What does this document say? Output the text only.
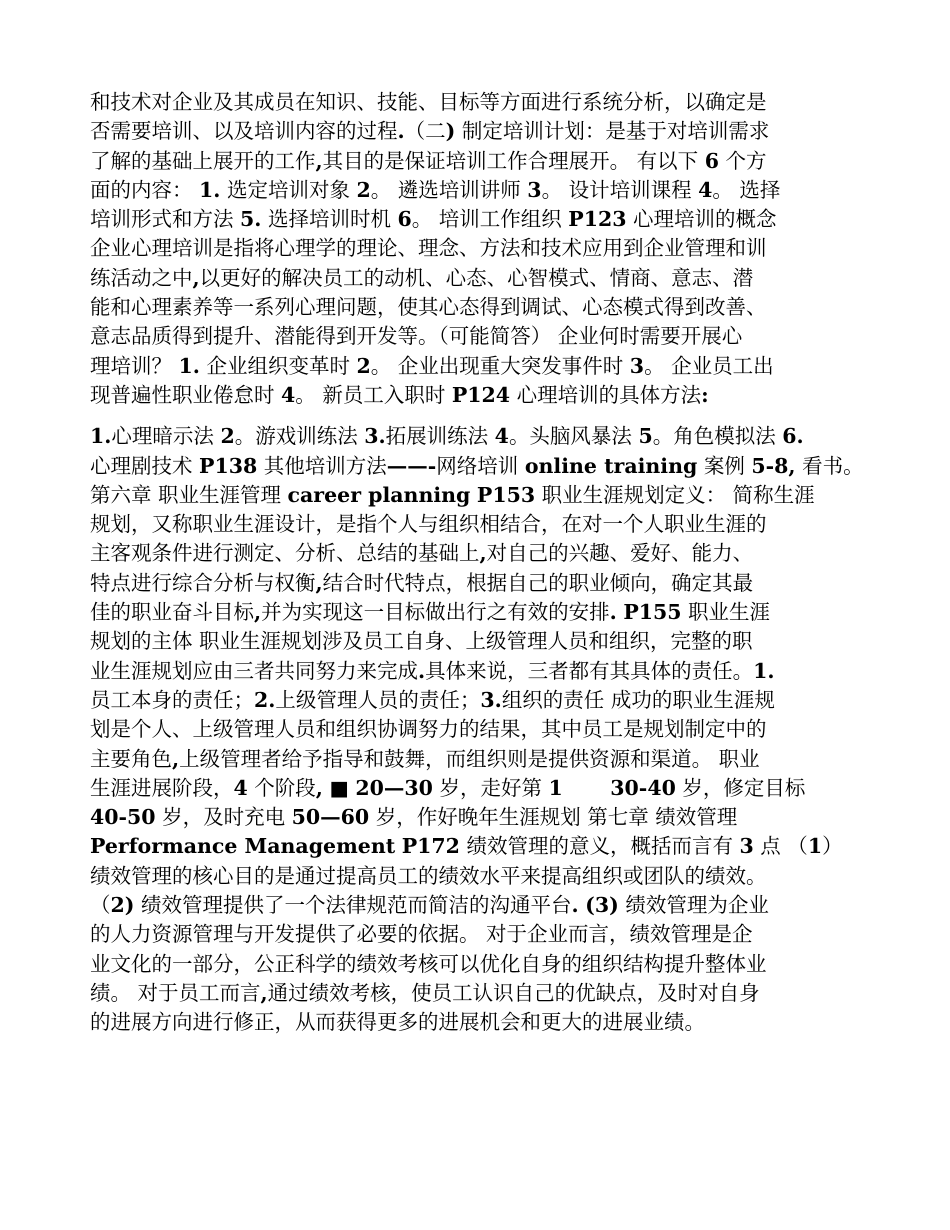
和技术对企业及其成员在知识、技能、目标等方面进行系统分析，以确定是
否需要培训、以及培训内容的过程.（二) 制定培训计划：是基于对培训需求
了解的基础上展开的工作,其目的是保证培训工作合理展开。 有以下 6 个方
面的内容： 1. 选定培训对象 2。 遴选培训讲师 3。 设计培训课程 4。 选择
培训形式和方法 5. 选择培训时机 6。 培训工作组织 P123 心理培训的概念
企业心理培训是指将心理学的理论、理念、方法和技术应用到企业管理和训
练活动之中,以更好的解决员工的动机、心态、心智模式、情商、意志、潜
能和心理素养等一系列心理问题，使其心态得到调试、心态模式得到改善、
意志品质得到提升、潜能得到开发等。（可能简答） 企业何时需要开展心
理培训？ 1. 企业组织变革时 2。 企业出现重大突发事件时 3。 企业员工出
现普遍性职业倦怠时 4。 新员工入职时 P124 心理培训的具体方法:
1.心理暗示法 2。游戏训练法 3.拓展训练法 4。头脑风暴法 5。角色模拟法 6.
心理剧技术 P138 其他培训方法——-网络培训 online training 案例 5-8, 看书。
第六章 职业生涯管理 career planning P153 职业生涯规划定义： 简称生涯
规划，又称职业生涯设计，是指个人与组织相结合，在对一个人职业生涯的
主客观条件进行测定、分析、总结的基础上,对自己的兴趣、爱好、能力、
特点进行综合分析与权衡,结合时代特点，根据自己的职业倾向，确定其最
佳的职业奋斗目标,并为实现这一目标做出行之有效的安排. P155 职业生涯
规划的主体 职业生涯规划涉及员工自身、上级管理人员和组织，完整的职
业生涯规划应由三者共同努力来完成.具体来说，三者都有其具体的责任。1.
员工本身的责任；2.上级管理人员的责任；3.组织的责任 成功的职业生涯规
划是个人、上级管理人员和组织协调努力的结果，其中员工是规划制定中的
主要角色,上级管理者给予指导和鼓舞，而组织则是提供资源和渠道。 职业
生涯进展阶段，4 个阶段, ■ 20—30 岁，走好第 1　　 30-40 岁，修定目标
40-50 岁，及时充电 50—60 岁，作好晚年生涯规划 第七章 绩效管理
Performance Management P172 绩效管理的意义，概括而言有 3 点 （1）
绩效管理的核心目的是通过提高员工的绩效水平来提高组织或团队的绩效。
（2) 绩效管理提供了一个法律规范而简洁的沟通平台. (3) 绩效管理为企业
的人力资源管理与开发提供了必要的依据。 对于企业而言，绩效管理是企
业文化的一部分，公正科学的绩效考核可以优化自身的组织结构提升整体业
绩。 对于员工而言,通过绩效考核，使员工认识自己的优缺点，及时对自身
的进展方向进行修正，从而获得更多的进展机会和更大的进展业绩。
